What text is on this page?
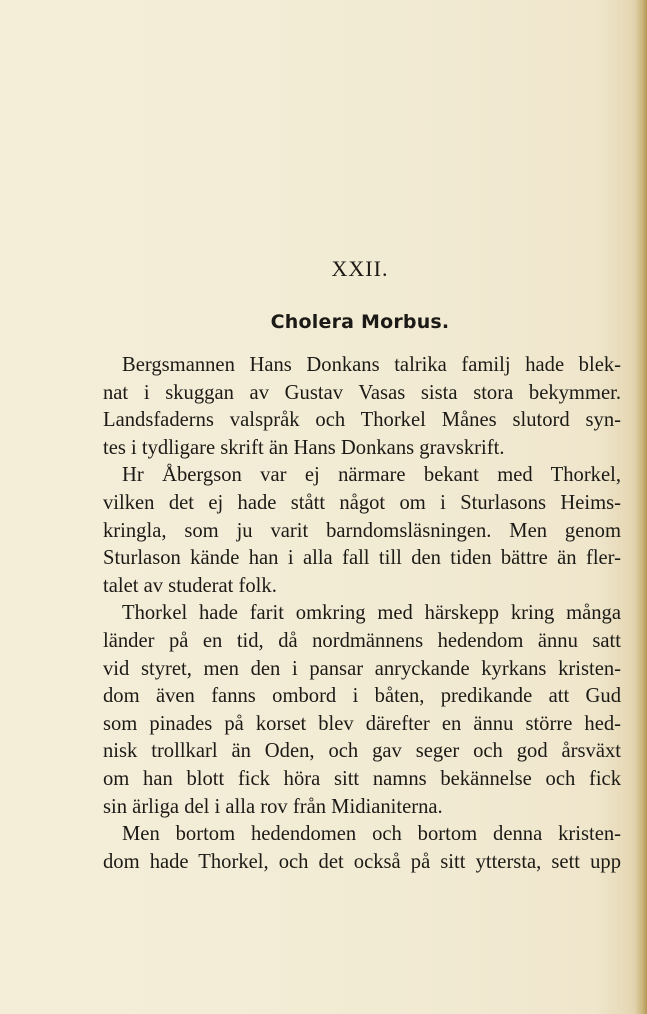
XXII.
Cholera Morbus.
Bergsmannen Hans Donkans talrika familj hade blek-
nat i skuggan av Gustav Vasas sista stora bekymmer.
Landsfaderns valspråk och Thorkel Månes slutord syn-
tes i tydligare skrift än Hans Donkans gravskrift.
Hr Åbergson var ej närmare bekant med Thorkel,
vilken det ej hade stått något om i Sturlasons Heims-
kringla, som ju varit barndomsläsningen. Men genom
Sturlason kände han i alla fall till den tiden bättre än fler-
talet av studerat folk.
Thorkel hade farit omkring med härskepp kring många
länder på en tid, då nordmännens hedendom ännu satt
vid styret, men den i pansar anryckande kyrkans kristen-
dom även fanns ombord i båten, predikande att Gud
som pinades på korset blev därefter en ännu större hed-
nisk trollkarl än Oden, och gav seger och god årsväxt
om han blott fick höra sitt namns bekännelse och fick
sin ärliga del i alla rov från Midianiterna.
Men bortom hedendomen och bortom denna kristen-
dom hade Thorkel, och det också på sitt yttersta, sett upp
